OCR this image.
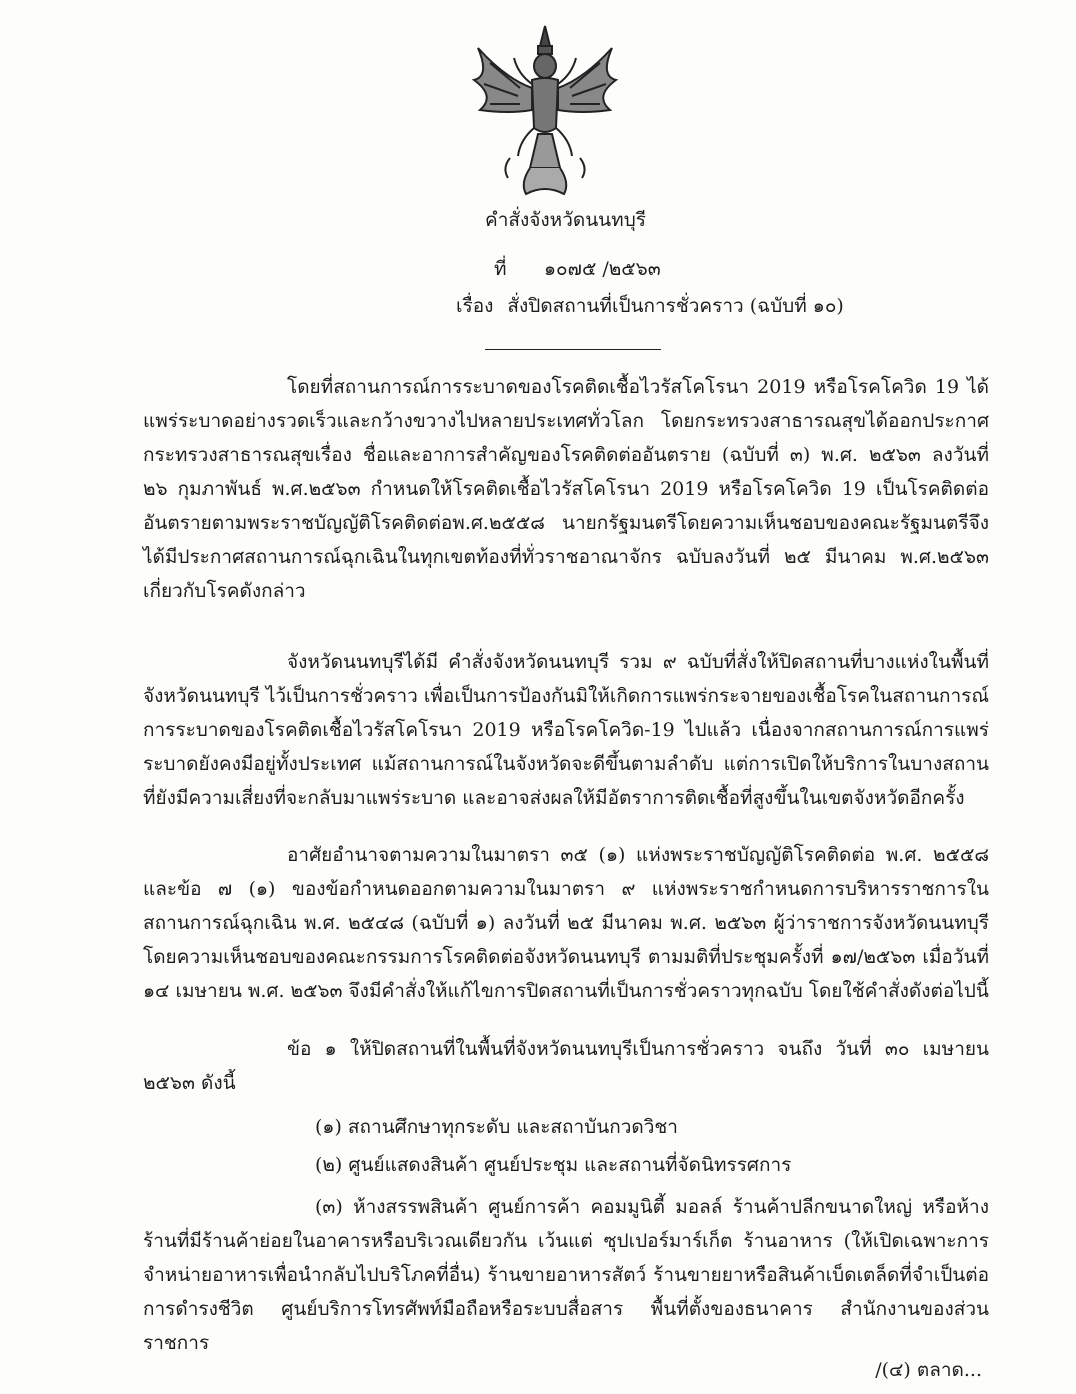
คำสั่งจังหวัดนนทบุรี
ที่ ๑๐๗๕ /๒๕๖๓
เรื่อง สั่งปิดสถานที่เป็นการชั่วคราว (ฉบับที่ ๑๐)

โดยที่สถานการณ์การระบาดของโรคติดเชื้อไวรัสโคโรนา 2019 หรือโรคโควิด 19 ได้แพร่ระบาดอย่างรวดเร็วและกว้างขวางไปหลายประเทศทั่วโลก โดยกระทรวงสาธารณสุขได้ออกประกาศกระทรวงสาธารณสุขเรื่อง ชื่อและอาการสำคัญของโรคติดต่ออันตราย (ฉบับที่ ๓) พ.ศ. ๒๕๖๓ ลงวันที่ ๒๖ กุมภาพันธ์ พ.ศ.๒๕๖๓ กำหนดให้โรคติดเชื้อไวรัสโคโรนา 2019 หรือโรคโควิด 19 เป็นโรคติดต่ออันตรายตามพระราชบัญญัติโรคติดต่อพ.ศ.๒๕๕๘ นายกรัฐมนตรีโดยความเห็นชอบของคณะรัฐมนตรีจึงได้มีประกาศสถานการณ์ฉุกเฉินในทุกเขตท้องที่ทั่วราชอาณาจักร ฉบับลงวันที่ ๒๕ มีนาคม พ.ศ.๒๕๖๓ เกี่ยวกับโรคดังกล่าว

จังหวัดนนทบุรีได้มี คำสั่งจังหวัดนนทบุรี รวม ๙ ฉบับที่สั่งให้ปิดสถานที่บางแห่งในพื้นที่จังหวัดนนทบุรี ไว้เป็นการชั่วคราว เพื่อเป็นการป้องกันมิให้เกิดการแพร่กระจายของเชื้อโรคในสถานการณ์การระบาดของโรคติดเชื้อไวรัสโคโรนา 2019 หรือโรคโควิด-19 ไปแล้ว เนื่องจากสถานการณ์การแพร่ระบาดยังคงมีอยู่ทั้งประเทศ แม้สถานการณ์ในจังหวัดจะดีขึ้นตามลำดับ แต่การเปิดให้บริการในบางสถานที่ยังมีความเสี่ยงที่จะกลับมาแพร่ระบาด และอาจส่งผลให้มีอัตราการติดเชื้อที่สูงขึ้นในเขตจังหวัดอีกครั้ง

อาศัยอำนาจตามความในมาตรา ๓๕ (๑) แห่งพระราชบัญญัติโรคติดต่อ พ.ศ. ๒๕๕๘ และข้อ ๗ (๑) ของข้อกำหนดออกตามความในมาตรา ๙ แห่งพระราชกำหนดการบริหารราชการในสถานการณ์ฉุกเฉิน พ.ศ. ๒๕๔๘ (ฉบับที่ ๑) ลงวันที่ ๒๕ มีนาคม พ.ศ. ๒๕๖๓ ผู้ว่าราชการจังหวัดนนทบุรี โดยความเห็นชอบของคณะกรรมการโรคติดต่อจังหวัดนนทบุรี ตามมติที่ประชุมครั้งที่ ๑๗/๒๕๖๓ เมื่อวันที่ ๑๔ เมษายน พ.ศ. ๒๕๖๓ จึงมีคำสั่งให้แก้ไขการปิดสถานที่เป็นการชั่วคราวทุกฉบับ โดยใช้คำสั่งดังต่อไปนี้

ข้อ ๑ ให้ปิดสถานที่ในพื้นที่จังหวัดนนทบุรีเป็นการชั่วคราว จนถึง วันที่ ๓๐ เมษายน ๒๕๖๓ ดังนี้

(๑) สถานศึกษาทุกระดับ และสถาบันกวดวิชา
(๒) ศูนย์แสดงสินค้า ศูนย์ประชุม และสถานที่จัดนิทรรศการ

(๓) ห้างสรรพสินค้า ศูนย์การค้า คอมมูนิตี้ มอลล์ ร้านค้าปลีกขนาดใหญ่ หรือห้างร้านที่มีร้านค้าย่อยในอาคารหรือบริเวณเดียวกัน เว้นแต่ ซุปเปอร์มาร์เก็ต ร้านอาหาร (ให้เปิดเฉพาะการจำหน่ายอาหารเพื่อนำกลับไปบริโภคที่อื่น) ร้านขายอาหารสัตว์ ร้านขายยาหรือสินค้าเบ็ดเตล็ดที่จำเป็นต่อการดำรงชีวิต ศูนย์บริการโทรศัพท์มือถือหรือระบบสื่อสาร พื้นที่ตั้งของธนาคาร สำนักงานของส่วนราชการ

/(๔) ตลาด...
